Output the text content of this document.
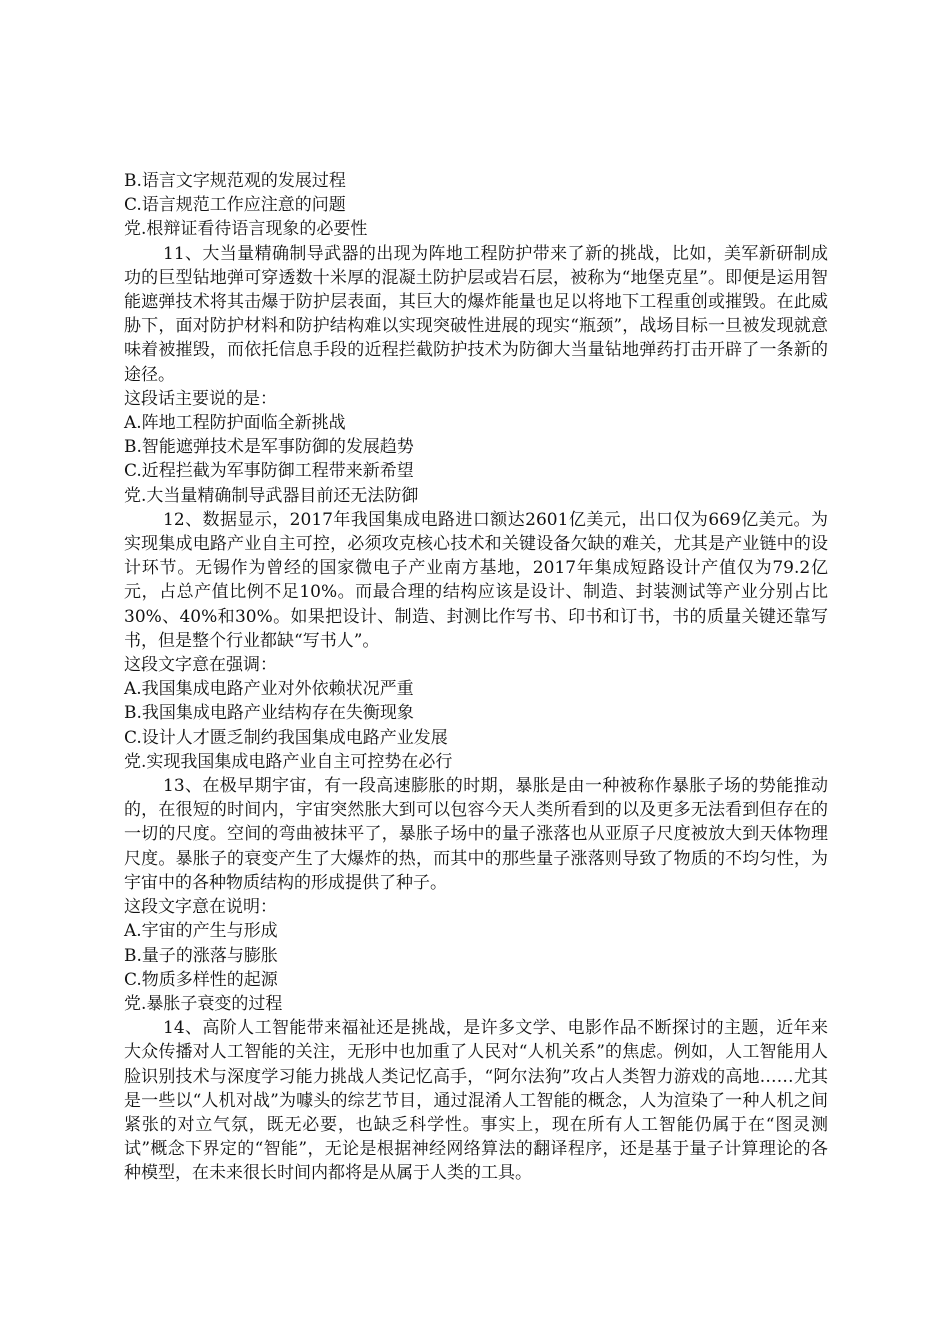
B.语言文字规范观的发展过程

C.语言规范工作应注意的问题

党.根辩证看待语言现象的必要性

11、大当量精确制导武器的出现为阵地工程防护带来了新的挑战，比如，美军新研制成功的巨型钻地弹可穿透数十米厚的混凝土防护层或岩石层，被称为“地堡克星”。即便是运用智能遮弹技术将其击爆于防护层表面，其巨大的爆炸能量也足以将地下工程重创或摧毁。在此威胁下，面对防护材料和防护结构难以实现突破性进展的现实“瓶颈”，战场目标一旦被发现就意味着被摧毁，而依托信息手段的近程拦截防护技术为防御大当量钻地弹药打击开辟了一条新的途径。

这段话主要说的是：

A.阵地工程防护面临全新挑战

B.智能遮弹技术是军事防御的发展趋势

C.近程拦截为军事防御工程带来新希望

党.大当量精确制导武器目前还无法防御

12、数据显示，2017年我国集成电路进口额达2601亿美元，出口仅为669亿美元。为实现集成电路产业自主可控，必须攻克核心技术和关键设备欠缺的难关，尤其是产业链中的设计环节。无锡作为曾经的国家微电子产业南方基地，2017年集成短路设计产值仅为79.2亿元，占总产值比例不足10%。而最合理的结构应该是设计、制造、封装测试等产业分别占比30%、40%和30%。如果把设计、制造、封测比作写书、印书和订书，书的质量关键还靠写书，但是整个行业都缺“写书人”。

这段文字意在强调：

A.我国集成电路产业对外依赖状况严重

B.我国集成电路产业结构存在失衡现象

C.设计人才匮乏制约我国集成电路产业发展

党.实现我国集成电路产业自主可控势在必行

13、在极早期宇宙，有一段高速膨胀的时期，暴胀是由一种被称作暴胀子场的势能推动的，在很短的时间内，宇宙突然胀大到可以包容今天人类所看到的以及更多无法看到但存在的一切的尺度。空间的弯曲被抹平了，暴胀子场中的量子涨落也从亚原子尺度被放大到天体物理尺度。暴胀子的衰变产生了大爆炸的热，而其中的那些量子涨落则导致了物质的不均匀性，为宇宙中的各种物质结构的形成提供了种子。

这段文字意在说明：

A.宇宙的产生与形成

B.量子的涨落与膨胀

C.物质多样性的起源

党.暴胀子衰变的过程

14、高阶人工智能带来福祉还是挑战，是许多文学、电影作品不断探讨的主题，近年来大众传播对人工智能的关注，无形中也加重了人民对“人机关系”的焦虑。例如，人工智能用人脸识别技术与深度学习能力挑战人类记忆高手，“阿尔法狗”攻占人类智力游戏的高地……尤其是一些以“人机对战”为噱头的综艺节目，通过混淆人工智能的概念，人为渲染了一种人机之间紧张的对立气氛，既无必要，也缺乏科学性。事实上，现在所有人工智能仍属于在“图灵测试”概念下界定的“智能”，无论是根据神经网络算法的翻译程序，还是基于量子计算理论的各种模型，在未来很长时间内都将是从属于人类的工具。
